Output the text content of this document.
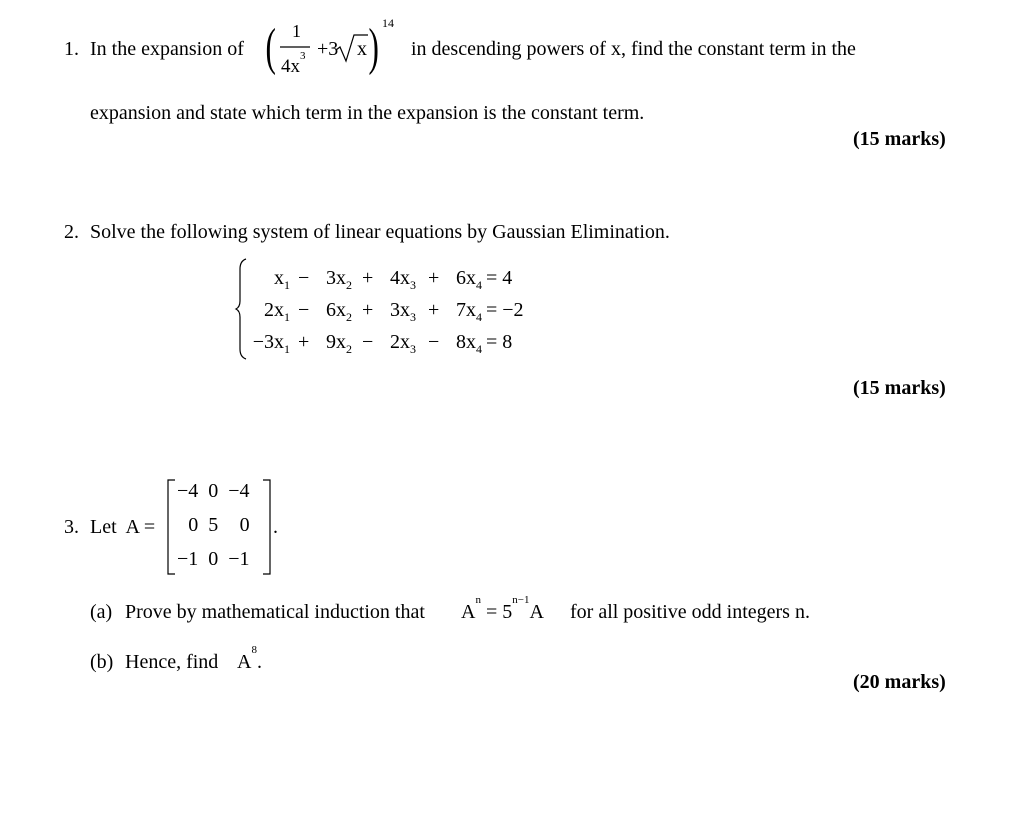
1. In the expansion of ( 1
$4x^3 +3$ x ) 14
in descending powers of x, find the constant term in the
expansion and state which term in the expansion is the constant term.
(15 marks)
2. Solve the following system of linear equations by Gaussian Elimination.
$x_1 - 3x_2 + 4x_3 + 6x_4 = 4$
$2x_1 - 6x_2 + 3x_3 + 7x_4 = -2$
$-3x_1 + 9x_2 - 2x_3 - 8x_4 = 8$
(15 marks)
3. Let  A =
−4	0	−4
0	5	0
−1	0	−1
.
(a) Prove by mathematical induction that $A^n = 5^{n-1}A$ for all positive odd integers n.
(b) Hence, find $A^8$.
(20 marks)
